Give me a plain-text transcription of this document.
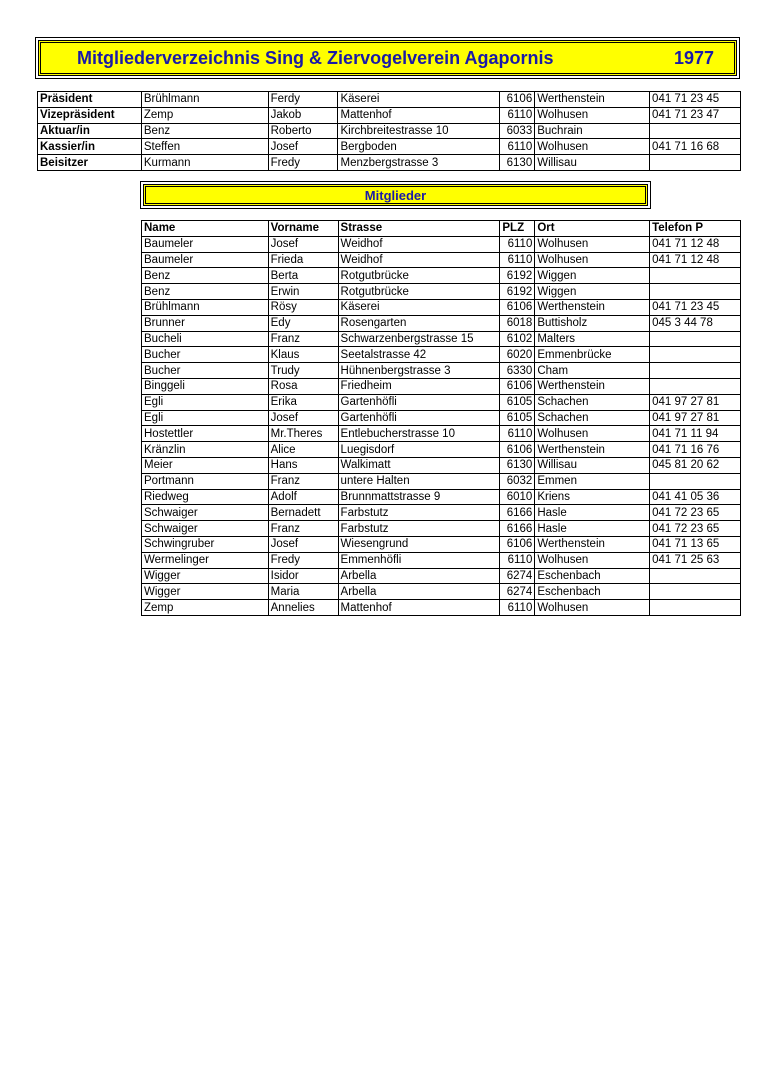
Mitgliederverzeichnis Sing & Ziervogelverein Agapornis	1977
Präsident	Brühlmann	Ferdy	Käserei	6106	Werthenstein	041 71 23 45
Vizepräsident	Zemp	Jakob	Mattenhof	6110	Wolhusen	041 71 23 47
Aktuar/in	Benz	Roberto	Kirchbreitestrasse 10	6033	Buchrain	
Kassier/in	Steffen	Josef	Bergboden	6110	Wolhusen	041 71 16 68
Beisitzer	Kurmann	Fredy	Menzbergstrasse 3	6130	Willisau	
Mitglieder
Name	Vorname	Strasse	PLZ	Ort	Telefon P
Baumeler	Josef	Weidhof	6110	Wolhusen	041 71 12 48
Baumeler	Frieda	Weidhof	6110	Wolhusen	041 71 12 48
Benz	Berta	Rotgutbrücke	6192	Wiggen	
Benz	Erwin	Rotgutbrücke	6192	Wiggen	
Brühlmann	Rösy	Käserei	6106	Werthenstein	041 71 23 45
Brunner	Edy	Rosengarten	6018	Buttisholz	045 3 44 78
Bucheli	Franz	Schwarzenbergstrasse 15	6102	Malters	
Bucher	Klaus	Seetalstrasse 42	6020	Emmenbrücke	
Bucher	Trudy	Hühnenbergstrasse 3	6330	Cham	
Binggeli	Rosa	Friedheim	6106	Werthenstein	
Egli	Erika	Gartenhöfli	6105	Schachen	041 97 27 81
Egli	Josef	Gartenhöfli	6105	Schachen	041 97 27 81
Hostettler	Mr.Theres	Entlebucherstrasse 10	6110	Wolhusen	041 71 11 94
Kränzlin	Alice	Luegisdorf	6106	Werthenstein	041 71 16 76
Meier	Hans	Walkimatt	6130	Willisau	045 81 20 62
Portmann	Franz	untere Halten	6032	Emmen	
Riedweg	Adolf	Brunnmattstrasse 9	6010	Kriens	041 41 05 36
Schwaiger	Bernadett	Farbstutz	6166	Hasle	041 72 23 65
Schwaiger	Franz	Farbstutz	6166	Hasle	041 72 23 65
Schwingruber	Josef	Wiesengrund	6106	Werthenstein	041 71 13 65
Wermelinger	Fredy	Emmenhöfli	6110	Wolhusen	041 71 25 63
Wigger	Isidor	Arbella	6274	Eschenbach	
Wigger	Maria	Arbella	6274	Eschenbach	
Zemp	Annelies	Mattenhof	6110	Wolhusen	
